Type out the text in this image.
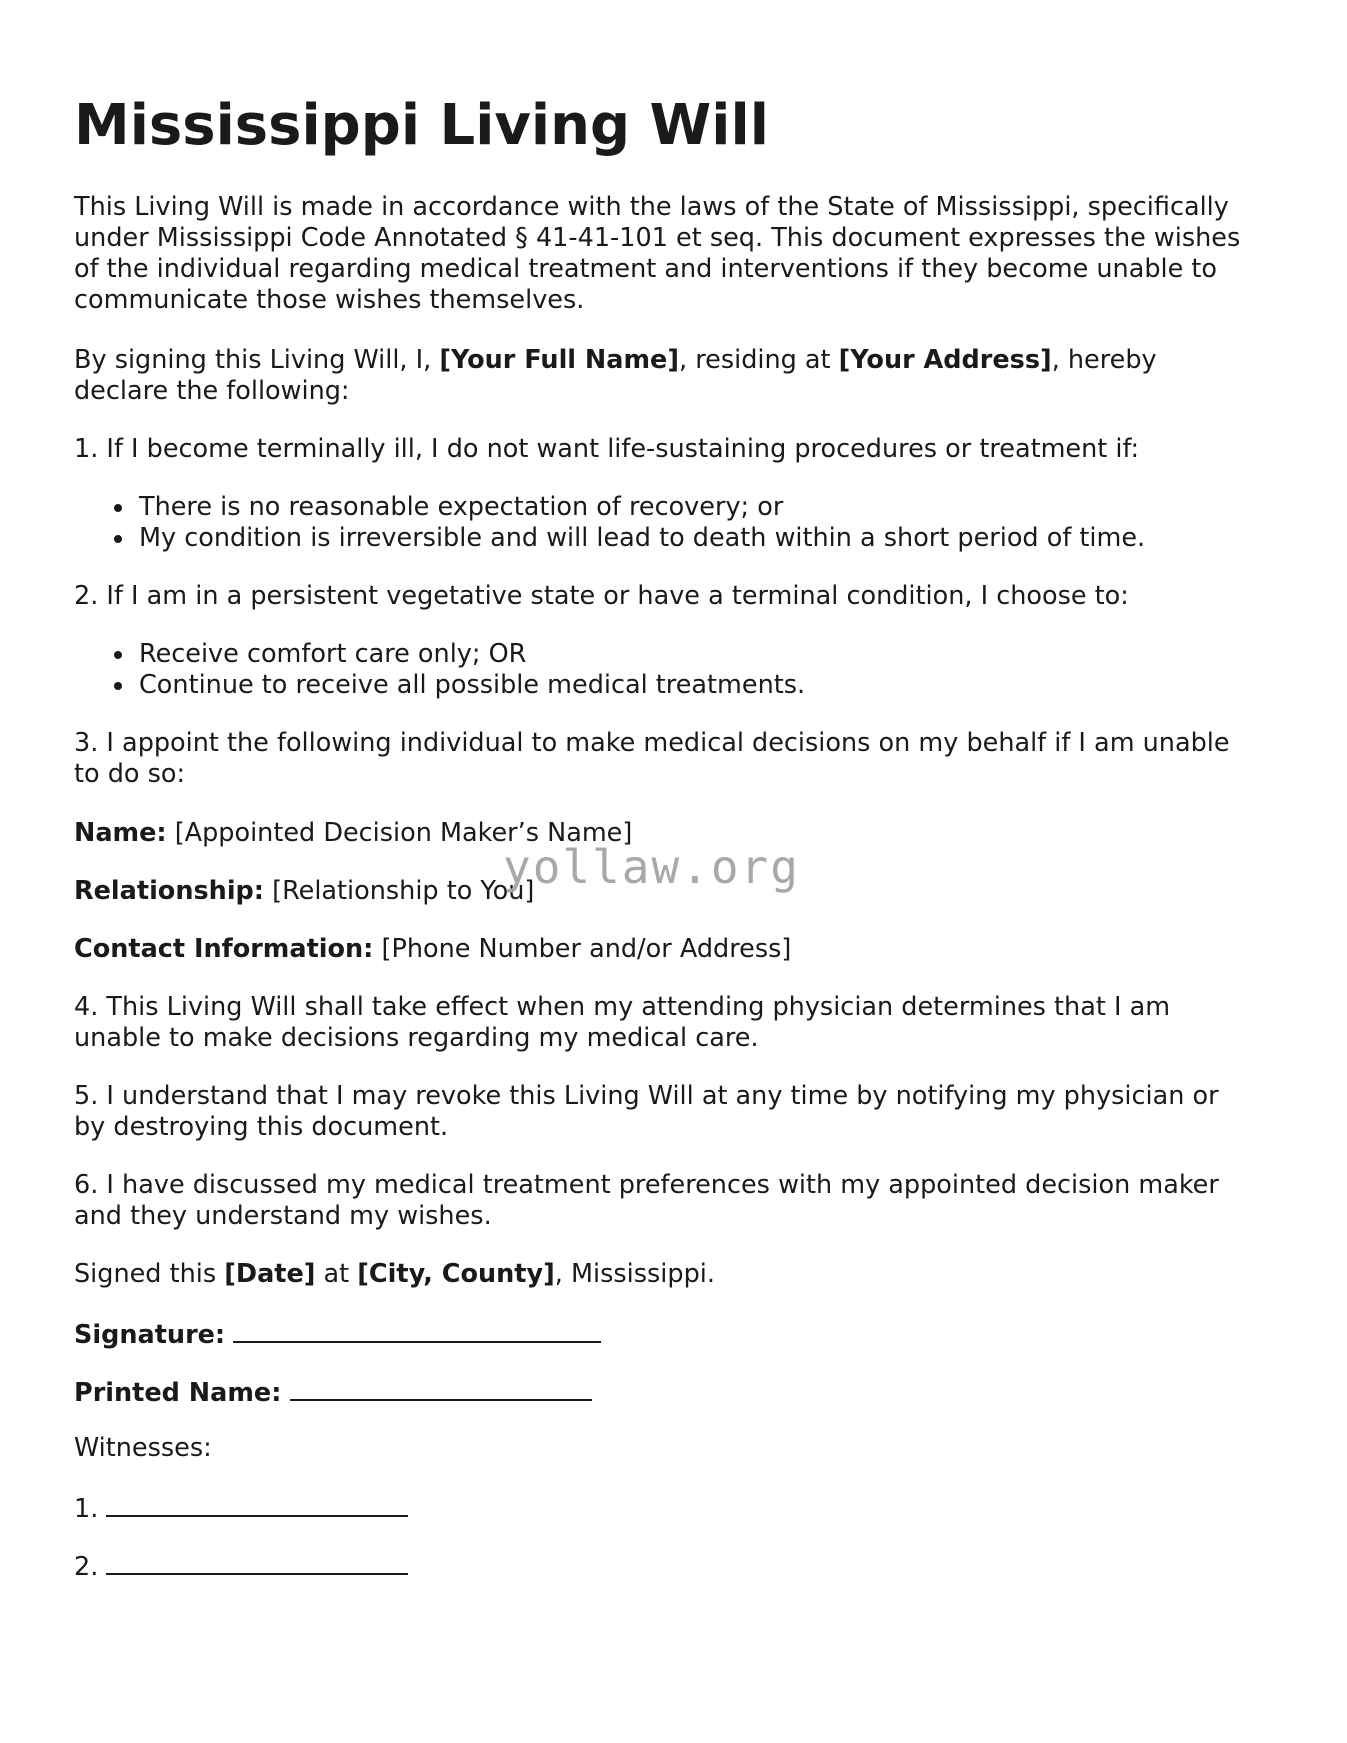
Mississippi Living Will
This Living Will is made in accordance with the laws of the State of Mississippi, specifically
under Mississippi Code Annotated § 41-41-101 et seq. This document expresses the wishes
of the individual regarding medical treatment and interventions if they become unable to
communicate those wishes themselves.
By signing this Living Will, I, [Your Full Name], residing at [Your Address], hereby
declare the following:
1. If I become terminally ill, I do not want life-sustaining procedures or treatment if:
There is no reasonable expectation of recovery; or
My condition is irreversible and will lead to death within a short period of time.
2. If I am in a persistent vegetative state or have a terminal condition, I choose to:
Receive comfort care only; OR
Continue to receive all possible medical treatments.
3. I appoint the following individual to make medical decisions on my behalf if I am unable
to do so:
Name: [Appointed Decision Maker’s Name]
Relationship: [Relationship to You]
Contact Information: [Phone Number and/or Address]
4. This Living Will shall take effect when my attending physician determines that I am
unable to make decisions regarding my medical care.
5. I understand that I may revoke this Living Will at any time by notifying my physician or
by destroying this document.
6. I have discussed my medical treatment preferences with my appointed decision maker
and they understand my wishes.
Signed this [Date] at [City, County], Mississippi.
Signature:
Printed Name:
Witnesses:
1.
2.
yollaw.org
